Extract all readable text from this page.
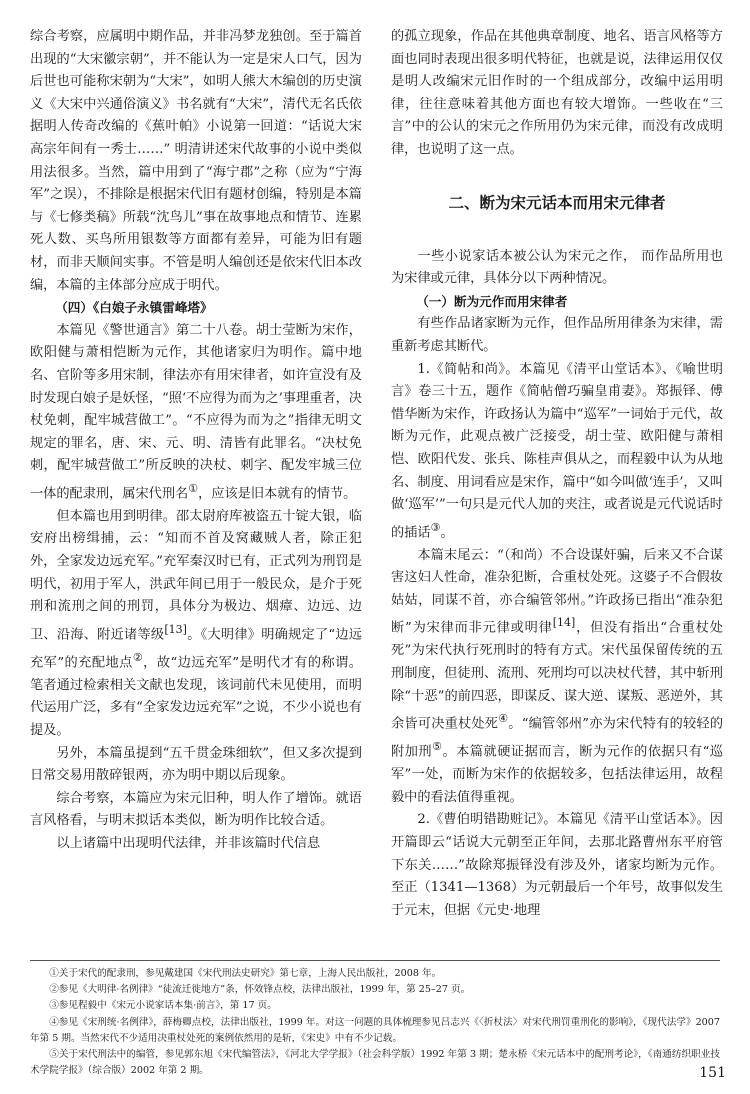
综合考察，应属明中期作品，并非冯梦龙独创。至于篇首出现的“大宋徽宗朝”，并不能认为一定是宋人口气，因为后世也可能称宋朝为“大宋”，如明人熊大木编创的历史演义《大宋中兴通俗演义》书名就有“大宋”，清代无名氏依据明人传奇改编的《蕉叶帕》小说第一回道：“话说大宋高宗年间有一秀士……” 明清讲述宋代故事的小说中类似用法很多。当然，篇中用到了“海宁郡”之称（应为“宁海军”之误），不排除是根据宋代旧有题材创编，特别是本篇与《七修类稿》所载“沈鸟儿”事在故事地点和情节、连累死人数、买鸟所用银数等方面都有差异，可能为旧有题材，而非天顺间实事。不管是明人编创还是依宋代旧本改编，本篇的主体部分应成于明代。

（四）《白娘子永镇雷峰塔》

本篇见《警世通言》第二十八卷。胡士莹断为宋作，欧阳健与萧相恺断为元作，其他诸家归为明作。篇中地名、官阶等多用宋制，律法亦有用宋律者，如许宣没有及时发现白娘子是妖怪，“照‘不应得为而为之’事理重者，决杖免刺，配牢城营做工”。“不应得为而为之”指律无明文规定的罪名，唐、宋、元、明、清皆有此罪名。“决杖免刺，配牢城营做工”所反映的决杖、刺字、配发牢城三位一体的配隶刑，属宋代刑名①，应该是旧本就有的情节。

但本篇也用到明律。邵太尉府库被盗五十锭大银，临安府出榜缉捕，云：“知而不首及窝藏贼人者，除正犯外，全家发边远充军。”充军秦汉时已有，正式列为刑罚是明代，初用于军人，洪武年间已用于一般民众，是介于死刑和流刑之间的刑罚，具体分为极边、烟瘴、边远、边卫、沿海、附近诸等级[13]。《大明律》明确规定了“边远充军”的充配地点②，故“边远充军”是明代才有的称谓。笔者通过检索相关文献也发现，该词前代未见使用，而明代运用广泛，多有“全家发边远充军”之说，不少小说也有提及。

另外，本篇虽提到“五千贯金珠细软”，但又多次提到日常交易用散碎银两，亦为明中期以后现象。

综合考察，本篇应为宋元旧种，明人作了增饰。就语言风格看，与明末拟话本类似，断为明作比较合适。

以上诸篇中出现明代法律，并非该篇时代信息

的孤立现象，作品在其他典章制度、地名、语言风格等方面也同时表现出很多明代特征，也就是说，法律运用仅仅是明人改编宋元旧作时的一个组成部分，改编中运用明律，往往意味着其他方面也有较大增饰。一些收在“三言”中的公认的宋元之作所用仍为宋元律，而没有改成明律，也说明了这一点。

二、断为宋元话本而用宋元律者

一些小说家话本被公认为宋元之作， 而作品所用也为宋律或元律，具体分以下两种情况。

（一）断为元作而用宋律者

有些作品诸家断为元作，但作品所用律条为宋律，需重新考虑其断代。

1.《简帖和尚》。本篇见《清平山堂话本》、《喻世明言》卷三十五，题作《简帖僧巧骗皇甫妻》。郑振铎、傅惜华断为宋作，许政扬认为篇中“巡军”一词始于元代，故断为元作，此观点被广泛接受，胡士莹、欧阳健与萧相恺、欧阳代发、张兵、陈桂声俱从之，而程毅中认为从地名、制度、用词看应是宋作，篇中“如今叫做‘连手’，又叫做‘巡军’”一句只是元代人加的夹注，或者说是元代说话时的插话③。

本篇末尾云：“（和尚）不合设谋奸骗，后来又不合谋害这妇人性命，准杂犯断，合重杖处死。这婆子不合假妆姑姑，同谋不首，亦合编管邻州。”许政扬已指出“准杂犯断”为宋律而非元律或明律[14]，但没有指出“合重杖处死”为宋代执行死刑时的特有方式。宋代虽保留传统的五刑制度，但徒刑、流刑、死刑均可以决杖代替，其中斩刑除“十恶”的前四恶，即谋反、谋大逆、谋叛、恶逆外，其余皆可决重杖处死④。“编管邻州”亦为宋代特有的较轻的附加刑⑤。本篇就硬证据而言，断为元作的依据只有“巡军”一处，而断为宋作的依据较多，包括法律运用，故程毅中的看法值得重视。

2.《曹伯明错勘赃记》。本篇见《清平山堂话本》。因开篇即云“话说大元朝至正年间，去那北路曹州东平府管下东关……”故除郑振铎没有涉及外，诸家均断为元作。至正（1341—1368）为元朝最后一个年号，故事似发生于元末，但据《元史·地理

①关于宋代的配隶刑，参见戴建国《宋代刑法史研究》第七章，上海人民出版社，2008 年。

②参见《大明律·名例律》“徒流迁徙地方”条，怀效锋点校，法律出版社，1999 年，第 25–27 页。

③参见程毅中《宋元小说家话本集·前言》，第 17 页。

④参见《宋刑统·名例律》，薛梅卿点校，法律出版社，1999 年。对这一问题的具体梳理参见吕志兴《〈折杖法〉对宋代刑罚重刑化的影响》，《现代法学》2007 年第 5 期。当然宋代不少适用决重杖处死的案例依然用的是斩，《宋史》中有不少记载。

⑤关于宋代刑法中的编管，参见郭东旭《宋代编管法》，《河北大学学报》（社会科学版）1992 年第 3 期；楚永桥《宋元话本中的配刑考论》，《南通纺织职业技术学院学报》（综合版）2002 年第 2 期。	151
